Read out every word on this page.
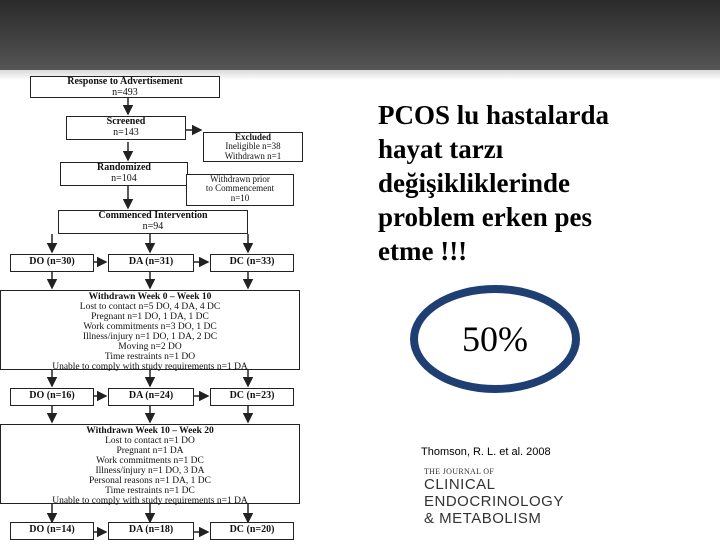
Response to Advertisement
n=493
Screened
n=143	Excluded
Ineligible n=38
Withdrawn n=1
Randomized
n=104	Withdrawn prior
to Commencement
n=10
Commenced Intervention
n=94
DO (n=30)	DA (n=31)	DC (n=33)
Withdrawn Week 0 – Week 10
Lost to contact n=5 DO, 4 DA, 4 DC
Pregnant n=1 DO, 1 DA, 1 DC
Work commitments n=3 DO, 1 DC
Illness/injury n=1 DO, 1 DA, 2 DC
Moving n=2 DO
Time restraints n=1 DO
Unable to comply with study requirements n=1 DA
DO (n=16)	DA (n=24)	DC (n=23)
Withdrawn Week 10 – Week 20
Lost to contact n=1 DO
Pregnant n=1 DA
Work commitments n=1 DC
Illness/injury n=1 DO, 3 DA
Personal reasons n=1 DA, 1 DC
Time restraints n=1 DC
Unable to comply with study requirements n=1 DA
DO (n=14)	DA (n=18)	DC (n=20)
PCOS lu hastalarda
hayat tarzı
değişikliklerinde
problem erken pes
etme !!!
50%
Thomson, R. L. et al. 2008
THE JOURNAL OF
CLINICAL
ENDOCRINOLOGY
& METABOLISM
